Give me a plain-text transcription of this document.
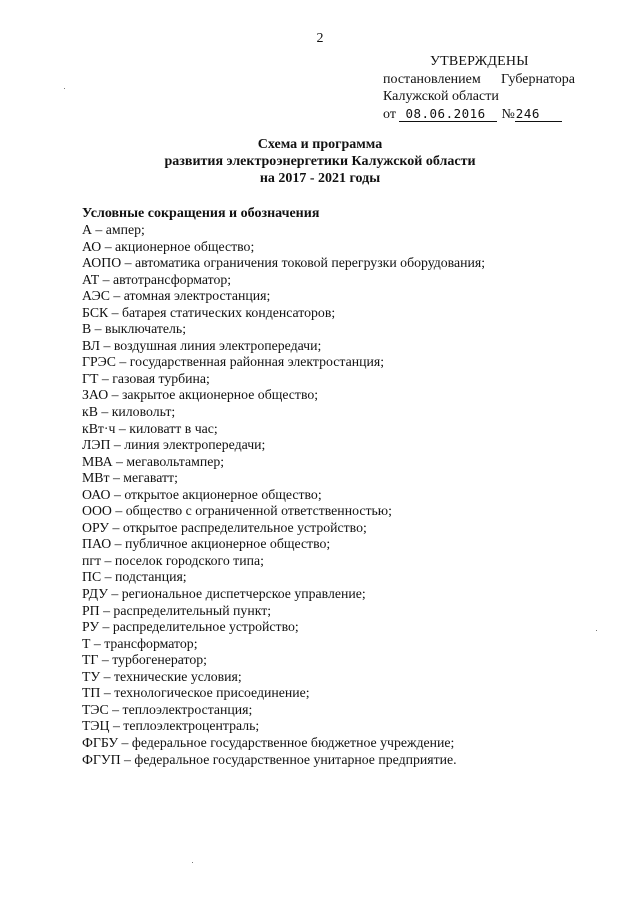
2
УТВЕРЖДЕНЫ
постановлением Губернатора
Калужской области
от 08.06.2016 №246
Схема и программа
развития электроэнергетики Калужской области
на 2017 - 2021 годы

Условные сокращения и обозначения

А – ампер;
АО – акционерное общество;
АОПО – автоматика ограничения токовой перегрузки оборудования;
АТ – автотрансформатор;
АЭС – атомная электростанция;
БСК – батарея статических конденсаторов;
В – выключатель;
ВЛ – воздушная линия электропередачи;
ГРЭС – государственная районная электростанция;
ГТ – газовая турбина;
ЗАО – закрытое акционерное общество;
кВ – киловольт;
кВт·ч – киловатт в час;
ЛЭП – линия электропередачи;
МВА – мегавольтампер;
МВт – мегаватт;
ОАО – открытое акционерное общество;
ООО – общество с ограниченной ответственностью;
ОРУ – открытое распределительное устройство;
ПАО – публичное акционерное общество;
пгт – поселок городского типа;
ПС – подстанция;
РДУ – региональное диспетчерское управление;
РП – распределительный пункт;
РУ – распределительное устройство;
Т – трансформатор;
ТГ – турбогенератор;
ТУ – технические условия;
ТП – технологическое присоединение;
ТЭС – теплоэлектростанция;
ТЭЦ – теплоэлектроцентраль;
ФГБУ – федеральное государственное бюджетное учреждение;
ФГУП – федеральное государственное унитарное предприятие.
